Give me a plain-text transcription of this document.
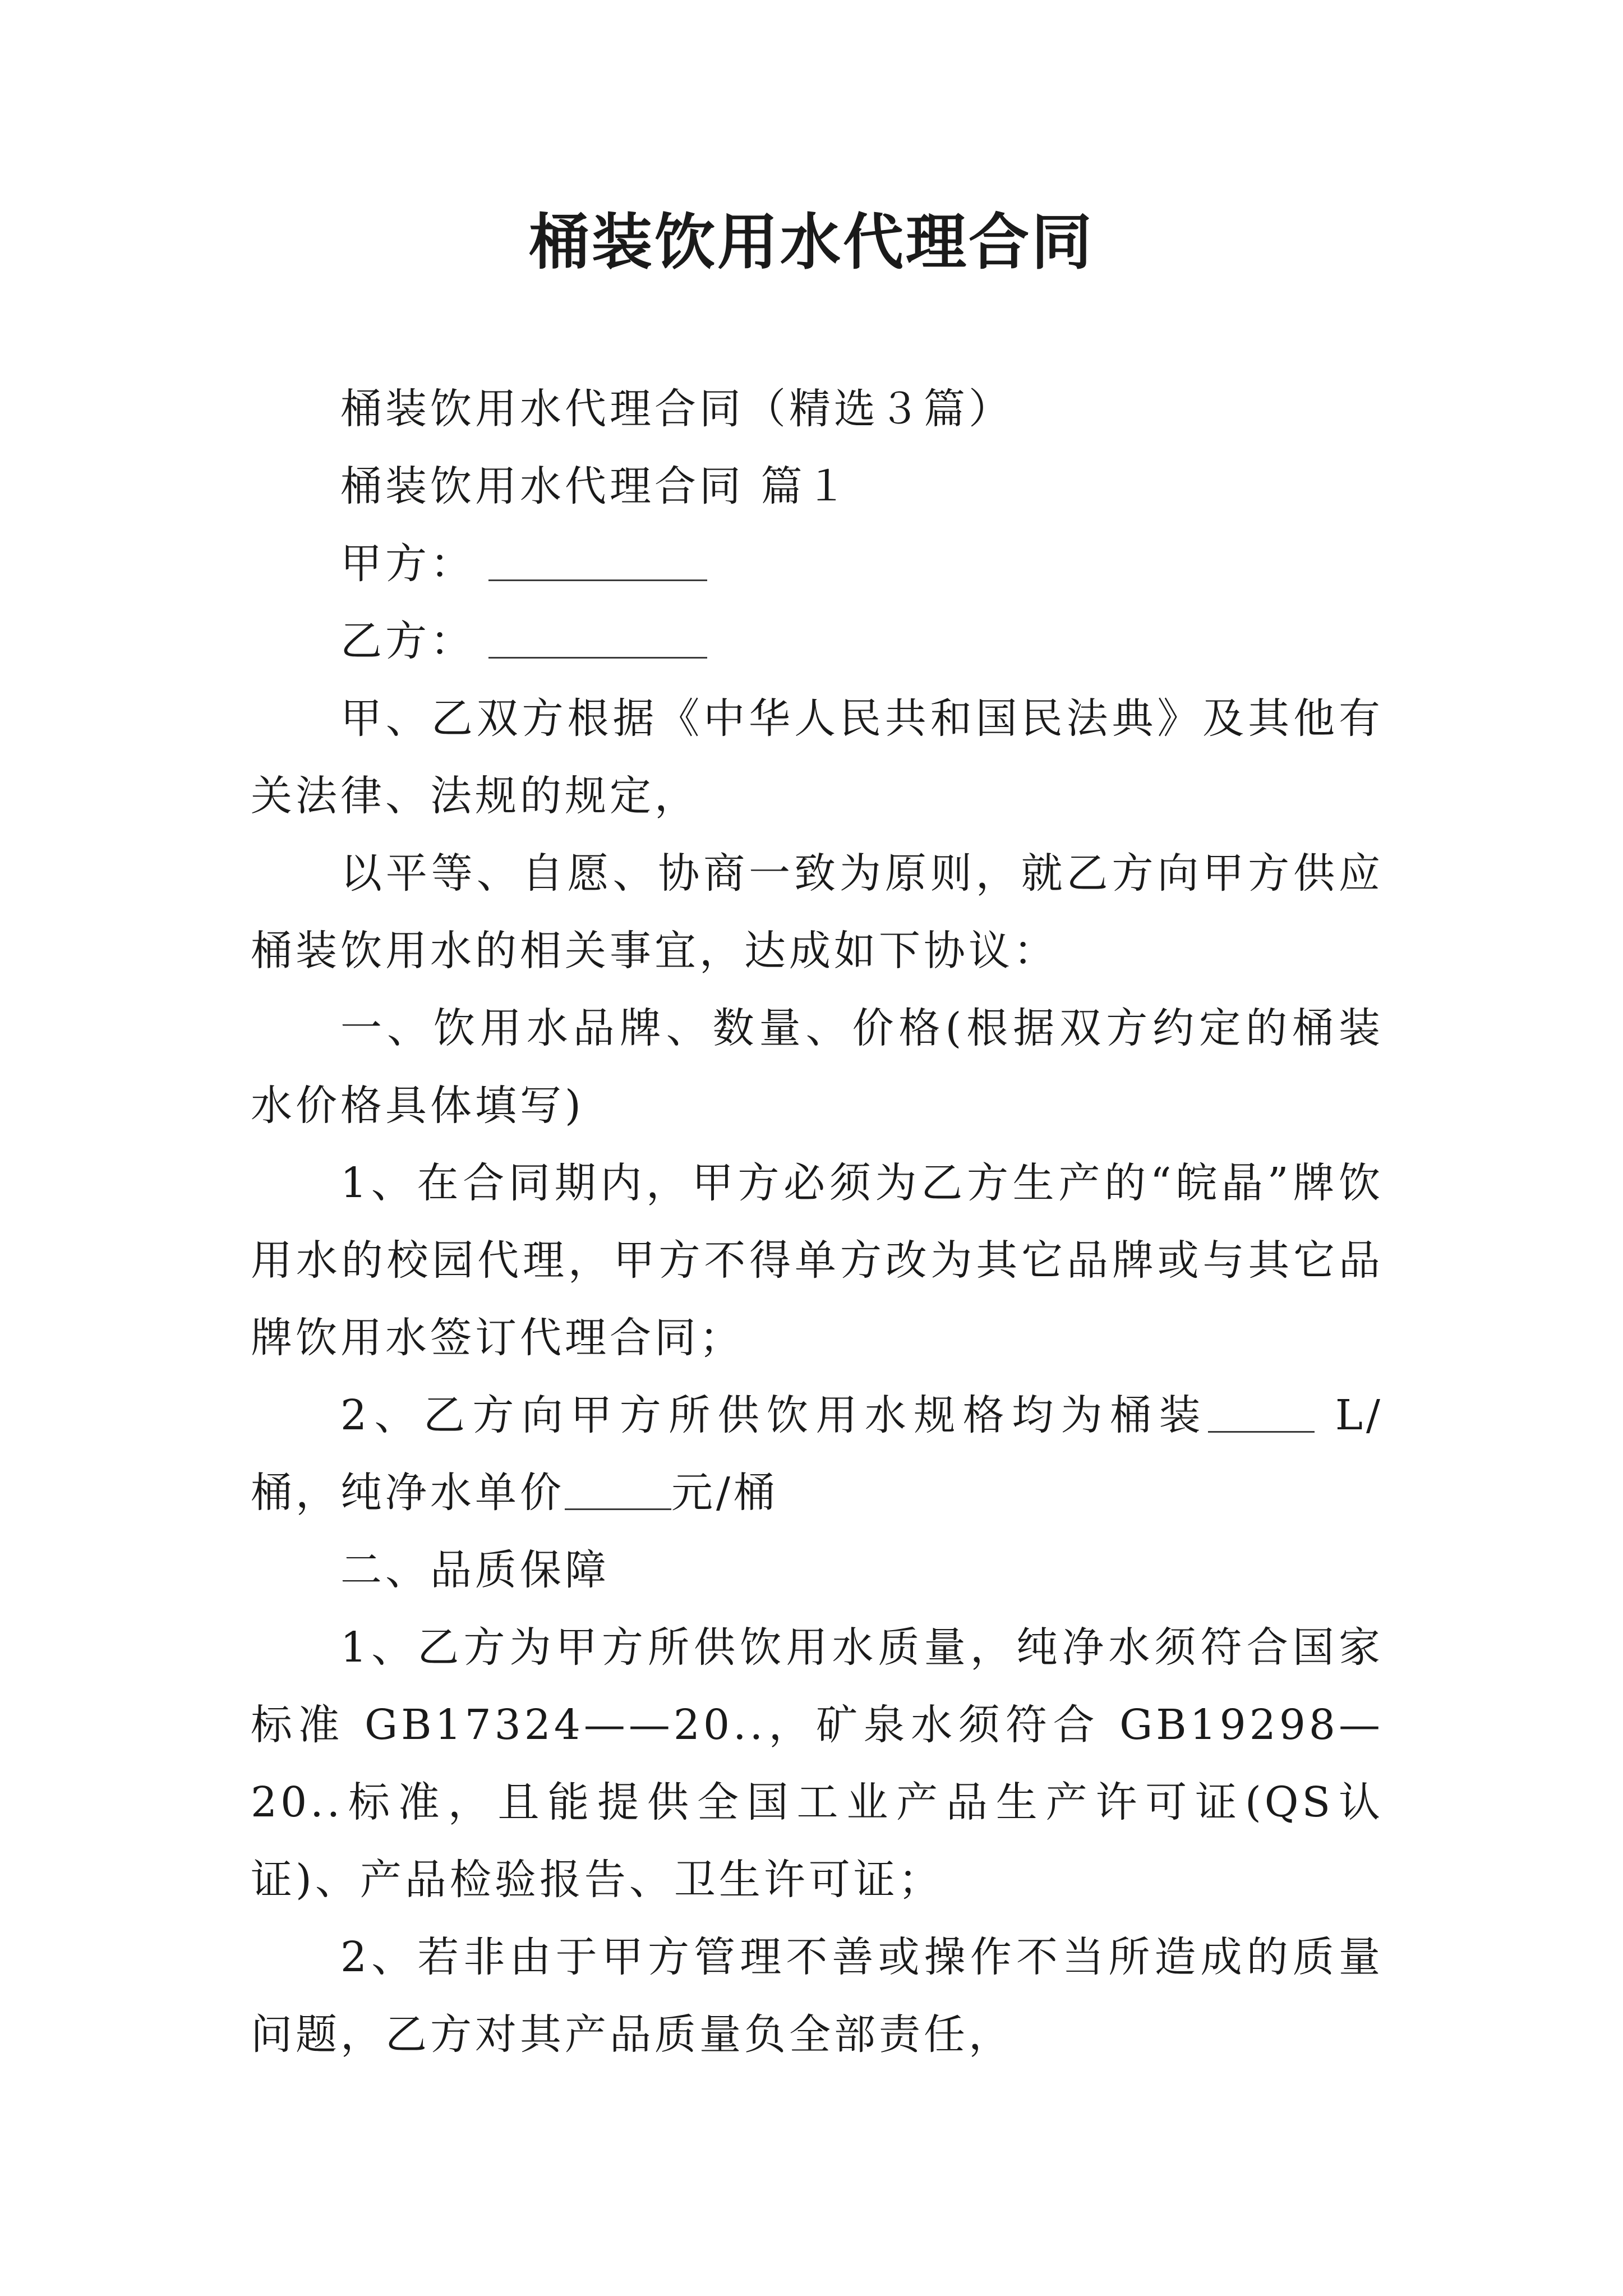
桶装饮用水代理合同

桶装饮用水代理合同（精选３篇）

桶装饮用水代理合同 篇１

甲方：

乙方：

甲、乙双方根据《中华人民共和国民法典》及其他有关法律、法规的规定，

以平等、自愿、协商一致为原则，就乙方向甲方供应桶装饮用水的相关事宜，达成如下协议：

一、饮用水品牌、数量、价格(根据双方约定的桶装水价格具体填写)

1、在合同期内，甲方必须为乙方生产的“皖晶”牌饮用水的校园代理，甲方不得单方改为其它品牌或与其它品牌饮用水签订代理合同；

2、乙方向甲方所供饮用水规格均为桶装	L/桶，纯净水单价	元/桶

二、品质保障

1、乙方为甲方所供饮用水质量，纯净水须符合国家标准 GB17324——20..，矿泉水须符合 GB19298—20..标准，且能提供全国工业产品生产许可证(QS认证)、产品检验报告、卫生许可证；

2、若非由于甲方管理不善或操作不当所造成的质量问题，乙方对其产品质量负全部责任，
